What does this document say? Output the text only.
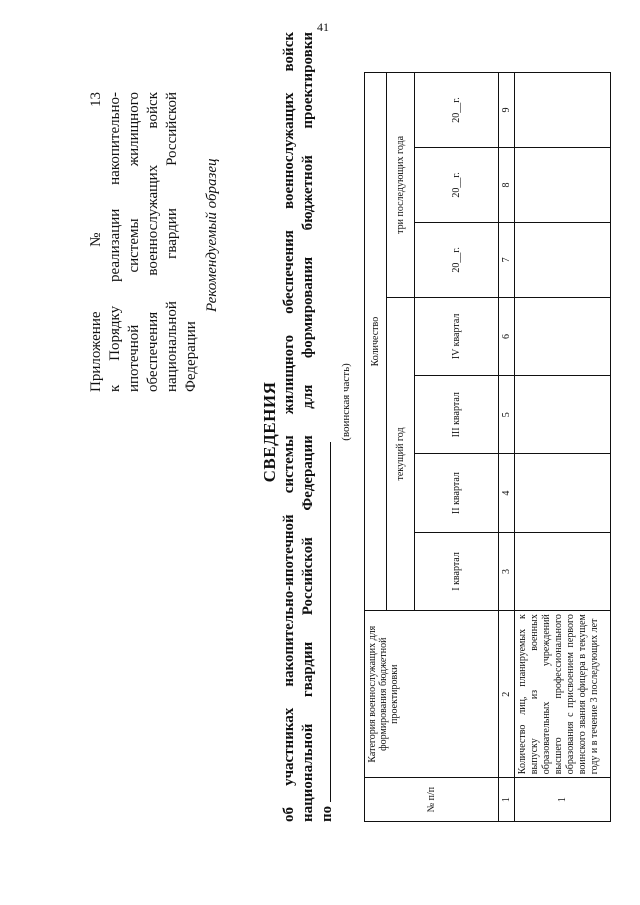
41
Приложение № 13 к Порядку реализации накопительно- ипотечной системы жилищного обеспечения военнослужащих войск национальной гвардии Российской Федерации
Рекомендуемый образец
СВЕДЕНИЯ об участниках накопительно-ипотечной системы жилищного обеспечения военнослужащих войск национальной гвардии Российской Федерации для формирования бюджетной проектировки по
(воинская часть)
№ п/п	Категория военнослужащих для формирования бюджетной проектировки	Количество						
		текущий год				три последующих года		
		I квартал	II квартал	III квартал	IV квартал	20__г.	20__г.	20__г.
1	2	3	4	5	6	7	8	9
1	Количество лиц, планируемых к выпуску из военных образовательных учреждений высшего профессионального образования с присвоением первого воинского звания офицера в текущем году и в течение 3 последующих лет							
